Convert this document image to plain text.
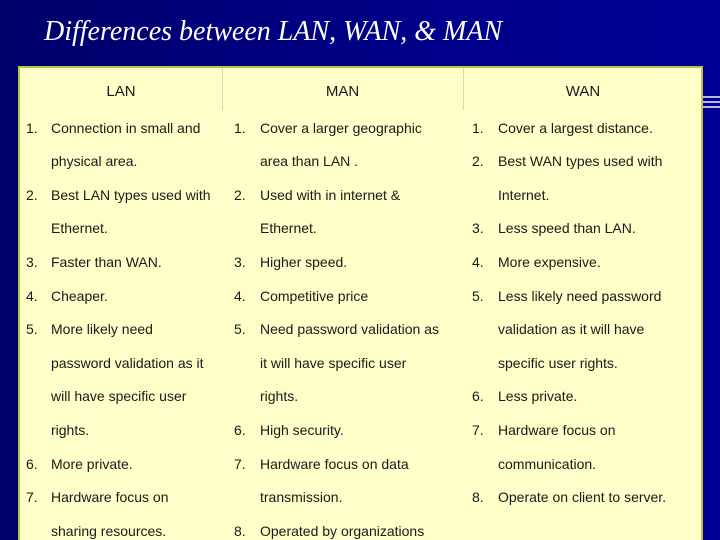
Differences between LAN, WAN, & MAN
LAN	MAN	WAN
1.
2.
3.
4.
5.
6.
7.
Connection in small and
physical area.
Best LAN types used with
Ethernet.
Faster than WAN.
Cheaper.
More likely need
password validation as it
will have specific user
rights.
More private.
Hardware focus on
sharing resources.
1.
2.
3.
4.
5.
6.
7.
8.
Cover a larger geographic
area than LAN .
Used with in internet &
Ethernet.
Higher speed.
Competitive price
Need password validation as
it will have specific user
rights.
High security.
Hardware focus on data
transmission.
Operated by organizations
1.
2.
3.
4.
5.
6.
7.
8.
Cover a largest distance.
Best WAN types used with
Internet.
Less speed than LAN.
More expensive.
Less likely need password
validation as it will have
specific user rights.
Less private.
Hardware focus on
communication.
Operate on client to server.
